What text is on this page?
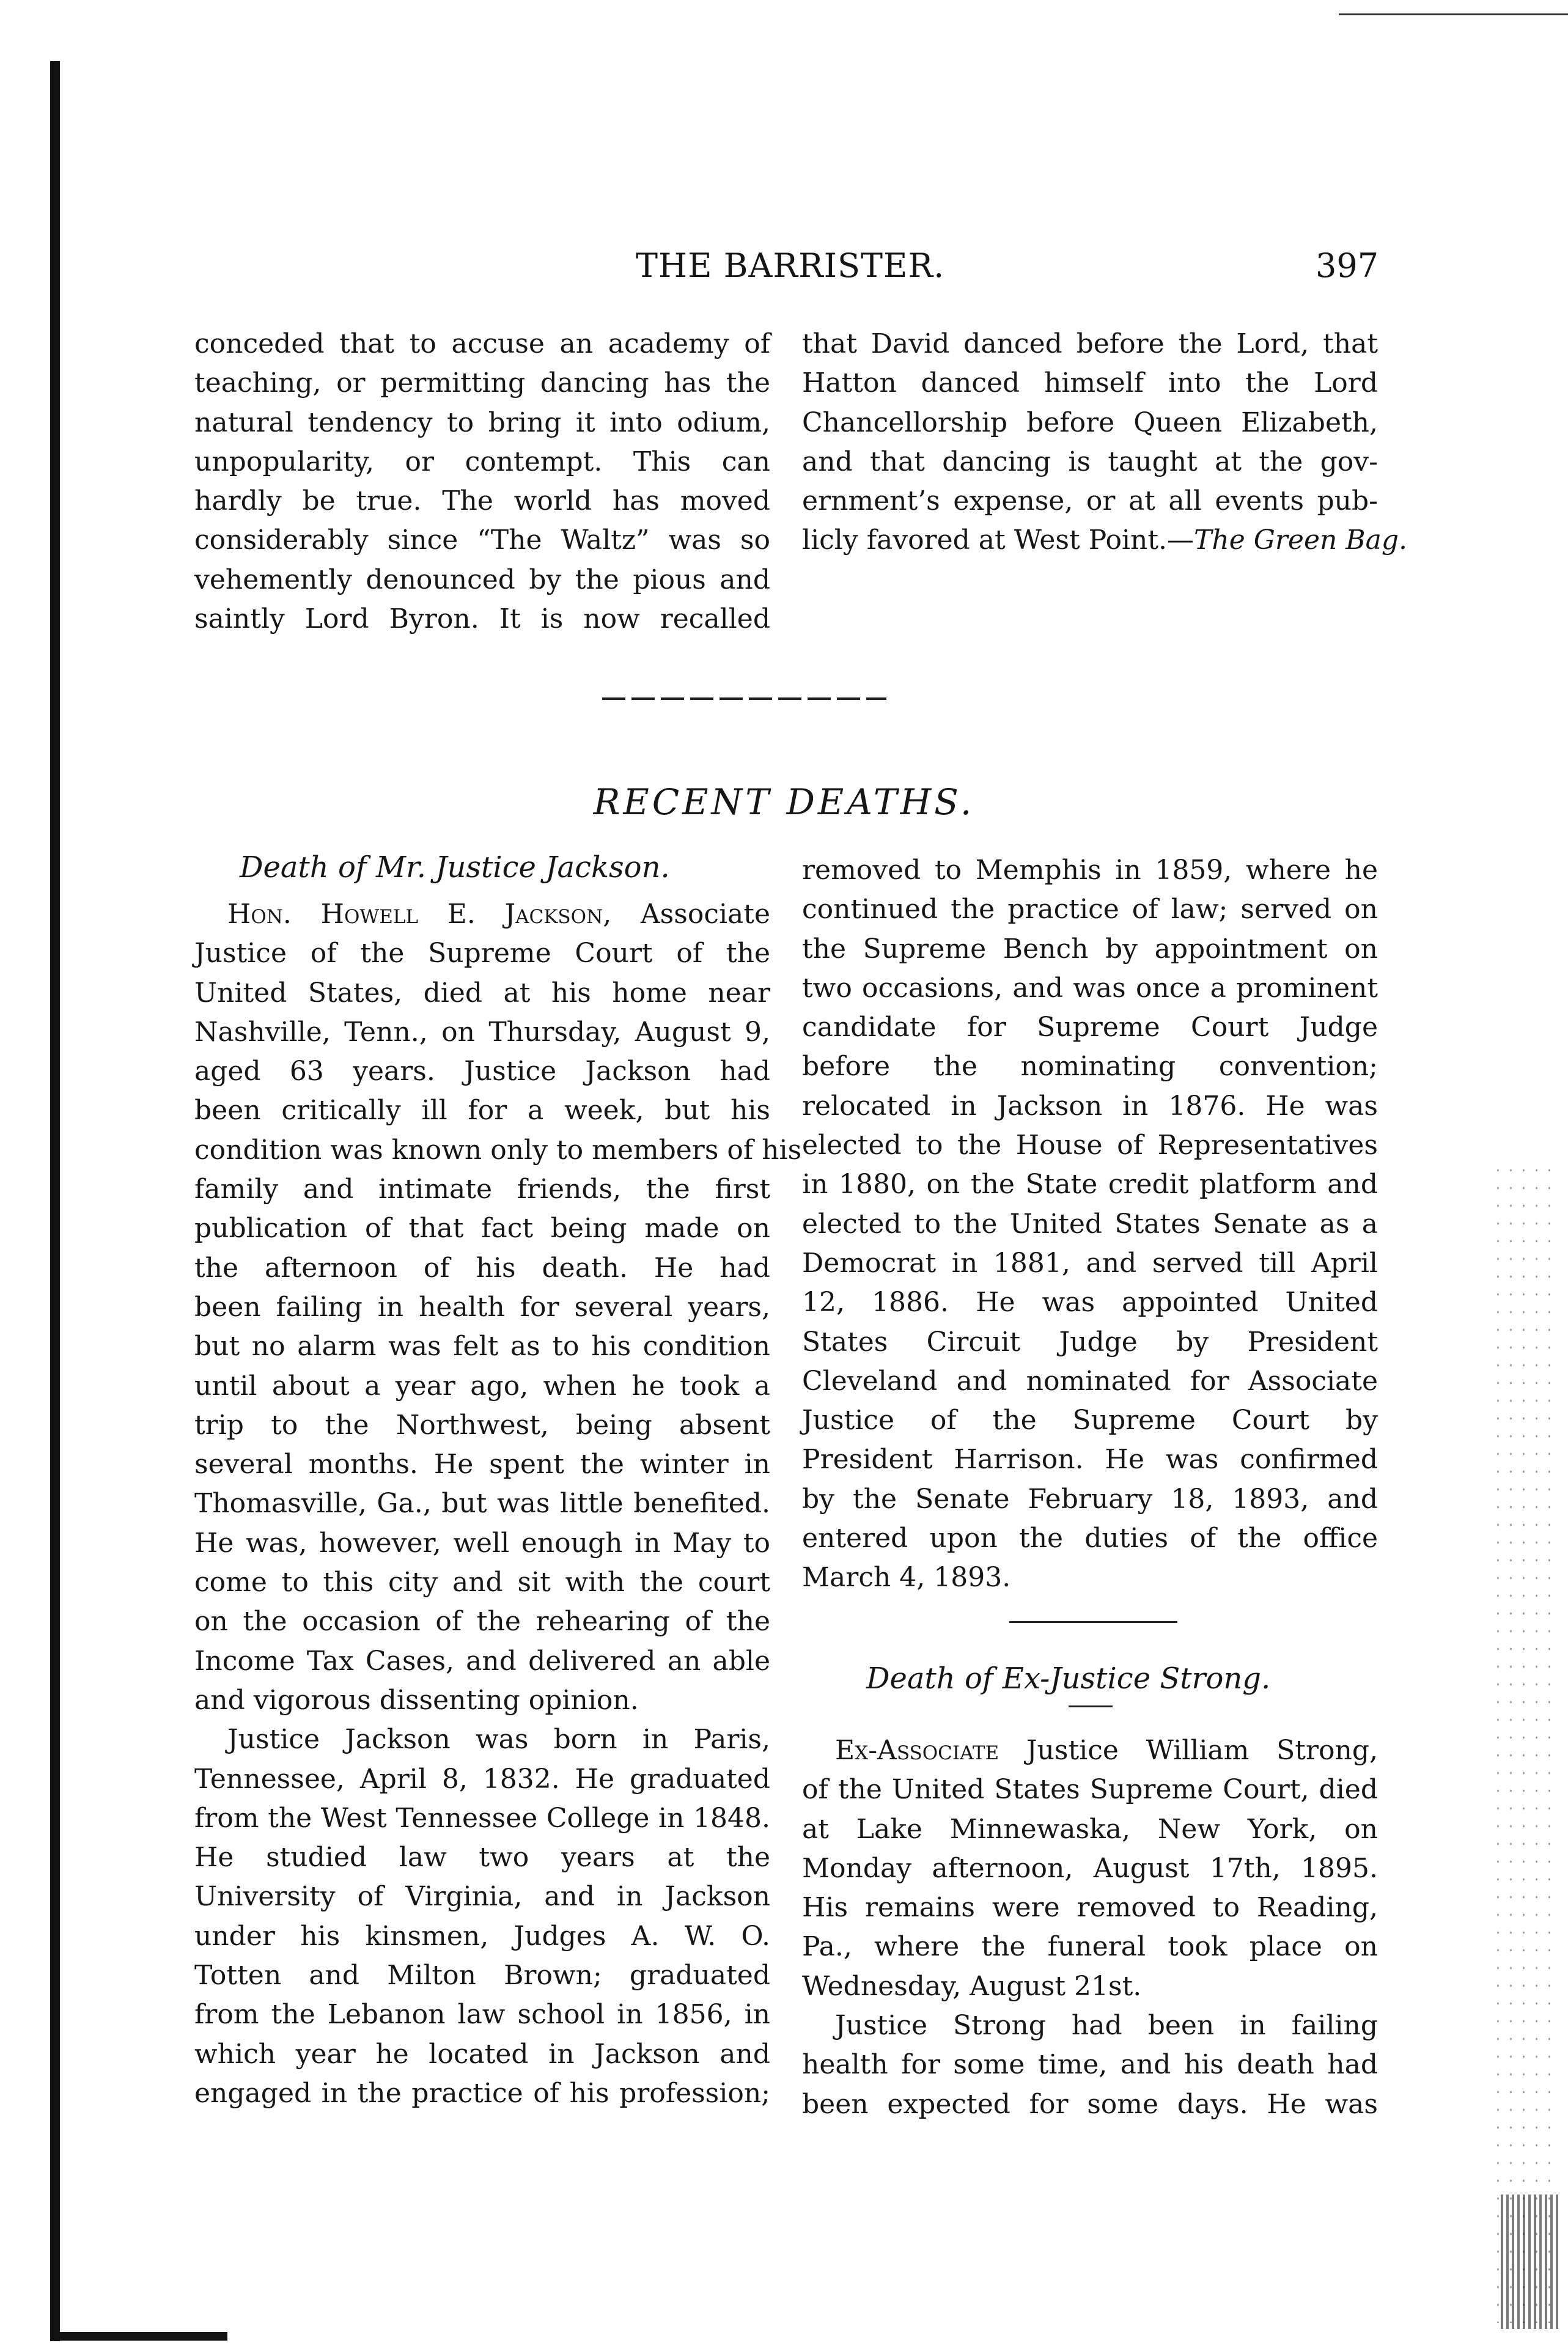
THE BARRISTER.	397
conceded that to accuse an academy of
teaching, or permitting dancing has the
natural tendency to bring it into odium,
unpopularity, or contempt. This can
hardly be true. The world has moved
considerably since “The Waltz” was so
vehemently denounced by the pious and
saintly Lord Byron. It is now recalled
that David danced before the Lord, that
Hatton danced himself into the Lord
Chancellorship before Queen Elizabeth,
and that dancing is taught at the gov-
ernment’s expense, or at all events pub-
licly favored at West Point.—The Green Bag.
RECENT DEATHS.
Death of Mr. Justice Jackson.
Hon. Howell E. Jackson, Associate
Justice of the Supreme Court of the
United States, died at his home near
Nashville, Tenn., on Thursday, August 9,
aged 63 years. Justice Jackson had
been critically ill for a week, but his
condition was known only to members of his
family and intimate friends, the first
publication of that fact being made on
the afternoon of his death. He had
been failing in health for several years,
but no alarm was felt as to his condition
until about a year ago, when he took a
trip to the Northwest, being absent
several months. He spent the winter in
Thomasville, Ga., but was little benefited.
He was, however, well enough in May to
come to this city and sit with the court
on the occasion of the rehearing of the
Income Tax Cases, and delivered an able
and vigorous dissenting opinion.
Justice Jackson was born in Paris,
Tennessee, April 8, 1832. He graduated
from the West Tennessee College in 1848.
He studied law two years at the
University of Virginia, and in Jackson
under his kinsmen, Judges A. W. O.
Totten and Milton Brown; graduated
from the Lebanon law school in 1856, in
which year he located in Jackson and
engaged in the practice of his profession;
removed to Memphis in 1859, where he
continued the practice of law; served on
the Supreme Bench by appointment on
two occasions, and was once a prominent
candidate for Supreme Court Judge
before the nominating convention;
relocated in Jackson in 1876. He was
elected to the House of Representatives
in 1880, on the State credit platform and
elected to the United States Senate as a
Democrat in 1881, and served till April
12, 1886. He was appointed United
States Circuit Judge by President
Cleveland and nominated for Associate
Justice of the Supreme Court by
President Harrison. He was confirmed
by the Senate February 18, 1893, and
entered upon the duties of the office
March 4, 1893.
Death of Ex-Justice Strong.
Ex-Associate Justice William Strong,
of the United States Supreme Court, died
at Lake Minnewaska, New York, on
Monday afternoon, August 17th, 1895.
His remains were removed to Reading,
Pa., where the funeral took place on
Wednesday, August 21st.
Justice Strong had been in failing
health for some time, and his death had
been expected for some days. He was
